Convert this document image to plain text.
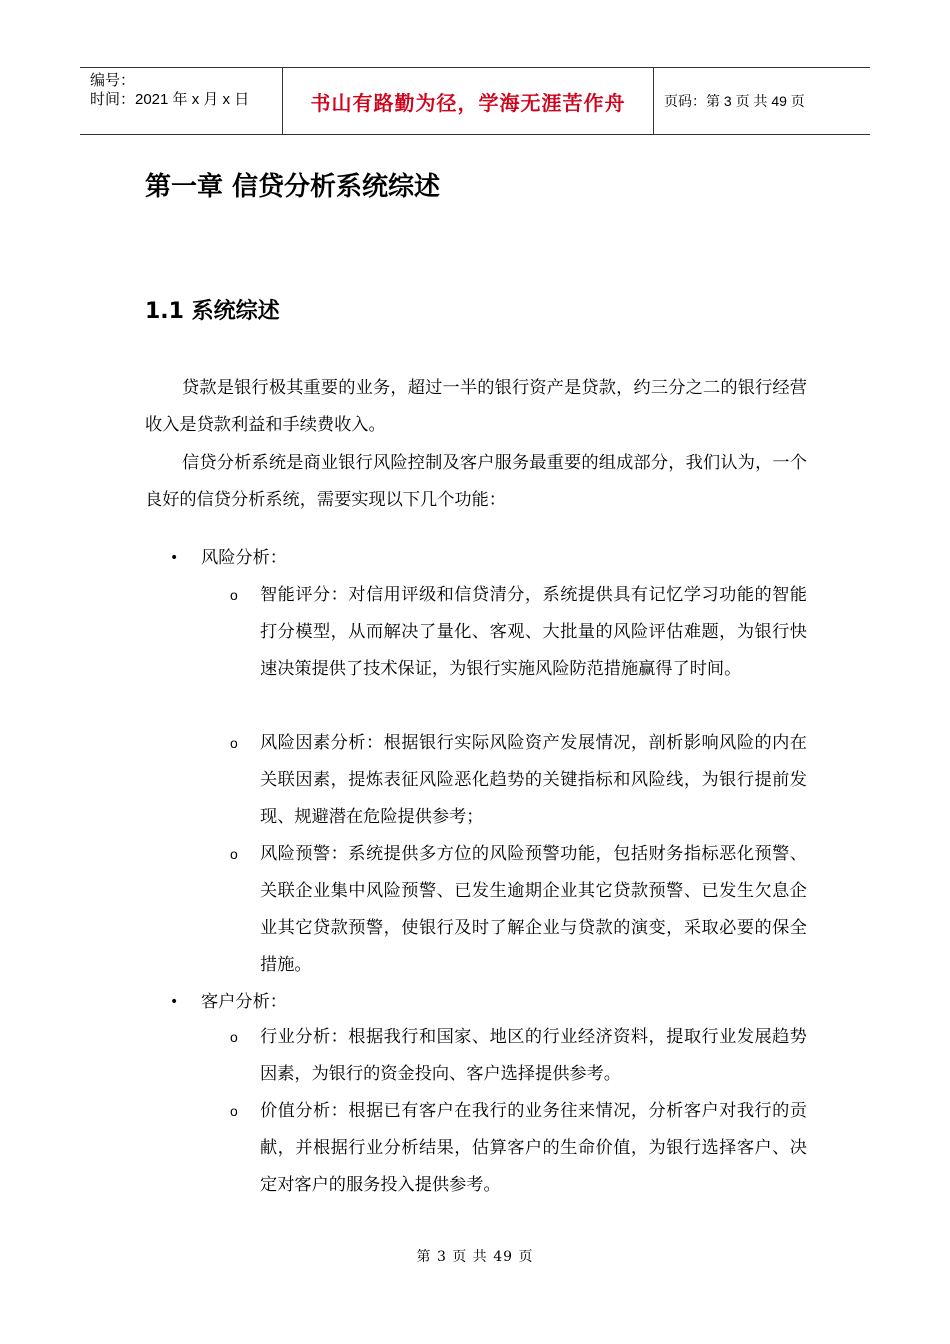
编号：
时间：2021 年 x 月 x 日	书山有路勤为径，学海无涯苦作舟	页码：第 3 页 共 49 页
第一章 信贷分析系统综述
1.1 系统综述

贷款是银行极其重要的业务，超过一半的银行资产是贷款，约三分之二的银行经营收入是贷款利益和手续费收入。

信贷分析系统是商业银行风险控制及客户服务最重要的组成部分，我们认为，一个良好的信贷分析系统，需要实现以下几个功能：

• 风险分析：
o 智能评分：对信用评级和信贷清分，系统提供具有记忆学习功能的智能打分模型，从而解决了量化、客观、大批量的风险评估难题，为银行快速决策提供了技术保证，为银行实施风险防范措施赢得了时间。

o 风险因素分析：根据银行实际风险资产发展情况，剖析影响风险的内在关联因素，提炼表征风险恶化趋势的关键指标和风险线，为银行提前发现、规避潜在危险提供参考；

o 风险预警：系统提供多方位的风险预警功能，包括财务指标恶化预警、关联企业集中风险预警、已发生逾期企业其它贷款预警、已发生欠息企业其它贷款预警，使银行及时了解企业与贷款的演变，采取必要的保全措施。

• 客户分析：
o 行业分析：根据我行和国家、地区的行业经济资料，提取行业发展趋势因素，为银行的资金投向、客户选择提供参考。

o 价值分析：根据已有客户在我行的业务往来情况，分析客户对我行的贡献，并根据行业分析结果，估算客户的生命价值，为银行选择客户、决定对客户的服务投入提供参考。

第 3 页 共 49 页
